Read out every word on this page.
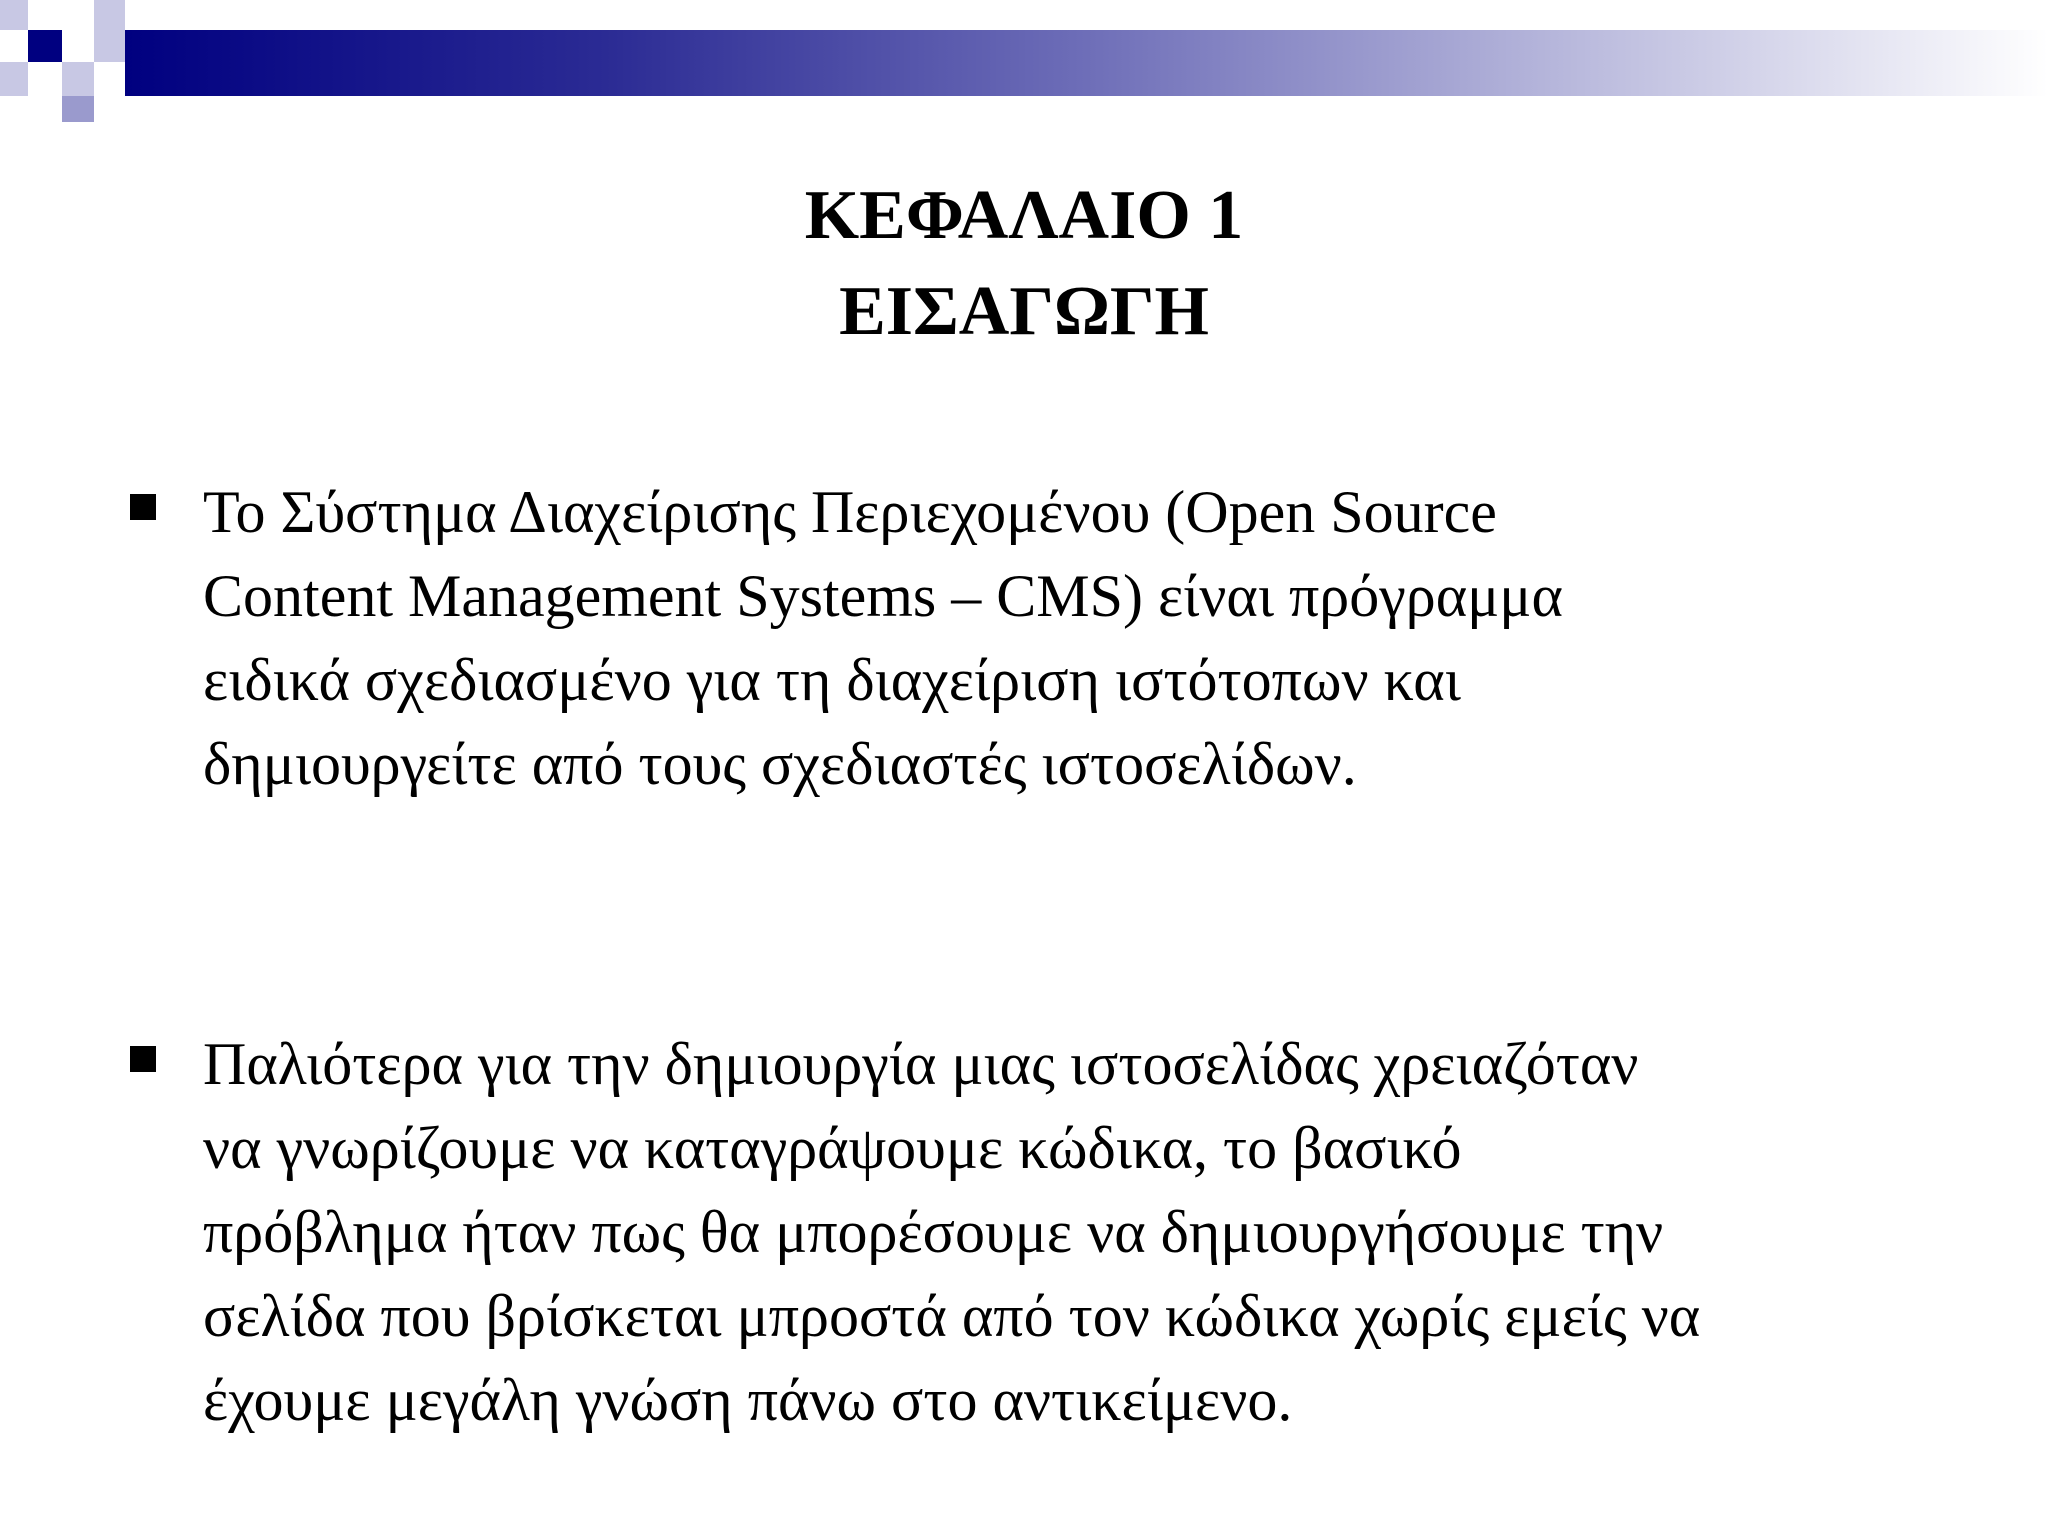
ΚΕΦΑΛΑΙΟ 1
ΕΙΣΑΓΩΓΗ
Το Σύστημα Διαχείρισης Περιεχομένου (Open Source
Content Management Systems – CMS) είναι πρόγραμμα
ειδικά σχεδιασμένο για τη διαχείριση ιστότοπων και
δημιουργείτε από τους σχεδιαστές ιστοσελίδων.
Παλιότερα για την δημιουργία μιας ιστοσελίδας χρειαζόταν
να γνωρίζουμε να καταγράψουμε κώδικα, το βασικό
πρόβλημα ήταν πως θα μπορέσουμε να δημιουργήσουμε την
σελίδα που βρίσκεται μπροστά από τον κώδικα χωρίς εμείς να
έχουμε μεγάλη γνώση πάνω στο αντικείμενο.
